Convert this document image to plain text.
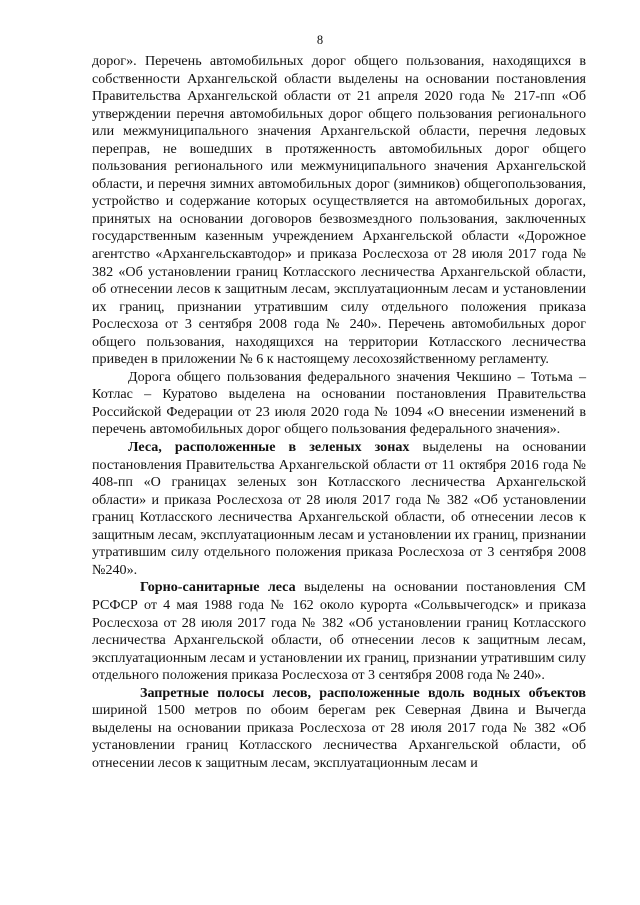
8

дорог». Перечень автомобильных дорог общего пользования, находящихся в собственности Архангельской области выделены на основании постановления Правительства Архангельской области от 21 апреля 2020 года № 217-пп «Об утверждении перечня автомобильных дорог общего пользования регионального или межмуниципального значения Архангельской области, перечня ледовых переправ, не вошедших в протяженность автомобильных дорог общего пользования регионального или межмуниципального значения Архангельской области, и перечня зимних автомобильных дорог (зимников) общегопользования, устройство и содержание которых осуществляется на автомобильных дорогах, принятых на основании договоров безвозмездного пользования, заключенных государственным казенным учреждением Архангельской области «Дорожное агентство «Архангельскавтодор» и приказа Рослесхоза от 28 июля 2017 года № 382 «Об установлении границ Котласского лесничества Архангельской области, об отнесении лесов к защитным лесам, эксплуатационным лесам и установлении их границ, признании утратившим силу отдельного положения приказа Рослесхоза от 3 сентября 2008 года № 240». Перечень автомобильных дорог общего пользования, находящихся на территории Котласского лесничества приведен в приложении № 6 к настоящему лесохозяйственному регламенту.

Дорога общего пользования федерального значения Чекшино – Тотьма – Котлас – Куратово выделена на основании постановления Правительства Российской Федерации от 23 июля 2020 года № 1094 «О внесении изменений в перечень автомобильных дорог общего пользования федерального значения».

Леса, расположенные в зеленых зонах выделены на основании постановления Правительства Архангельской области от 11 октября 2016 года № 408-пп «О границах зеленых зон Котласского лесничества Архангельской области» и приказа Рослесхоза от 28 июля 2017 года № 382 «Об установлении границ Котласского лесничества Архангельской области, об отнесении лесов к защитным лесам, эксплуатационным лесам и установлении их границ, признании утратившим силу отдельного положения приказа Рослесхоза от 3 сентября 2008 №240».

Горно-санитарные леса выделены на основании постановления СМ РСФСР от 4 мая 1988 года № 162 около курорта «Сольвычегодск» и приказа Рослесхоза от 28 июля 2017 года № 382 «Об установлении границ Котласского лесничества Архангельской области, об отнесении лесов к защитным лесам, эксплуатационным лесам и установлении их границ, признании утратившим силу отдельного положения приказа Рослесхоза от 3 сентября 2008 года № 240».

Запретные полосы лесов, расположенные вдоль водных объектов шириной 1500 метров по обоим берегам рек Северная Двина и Вычегда выделены на основании приказа Рослесхоза от 28 июля 2017 года № 382 «Об установлении границ Котласского лесничества Архангельской области, об отнесении лесов к защитным лесам, эксплуатационным лесам и
